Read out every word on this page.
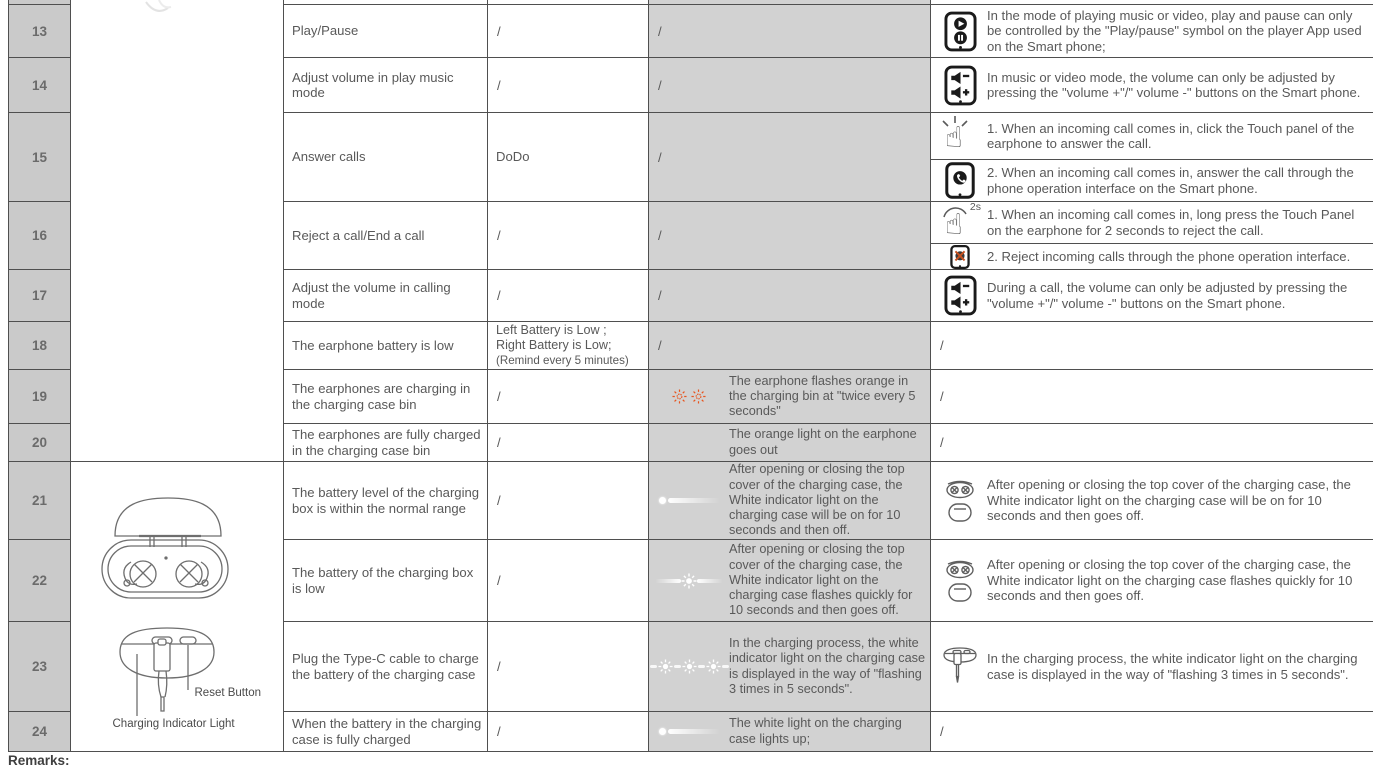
Reset Button
Charging Indicator Light
13
14
15
16
17
18
19
20
21
22
23
24
Play/Pause
Adjust volume in play music mode
Answer calls
Reject a call/End a call
Adjust the volume in calling mode
The earphone battery is low
The earphones are charging in the charging case bin
The earphones are fully charged in the charging case bin
The battery level of the charging box is within the normal range
The battery of the charging box is low
Plug the Type-C cable to charge the battery of the charging case
When the battery in the charging case is fully charged
/
/
DoDo
/
/
Left Battery is Low ;
Right Battery is Low;
(Remind every 5 minutes)
/
/
/
/
/
/
/
/
/
/
/
/
The earphone flashes orange in the charging bin at "twice every 5 seconds"
The orange light on the earphone goes out
After opening or closing the top cover of the charging case, the White indicator light on the charging case will be on for 10 seconds and then off.
After opening or closing the top cover of the charging case, the White indicator light on the charging case flashes quickly for 10 seconds and then goes off.
In the charging process, the white indicator light on the charging case is displayed in the way of "flashing 3 times in 5 seconds".
The white light on the charging case lights up;
In the mode of playing music or video, play and pause can only be controlled by the "Play/pause" symbol on the player App used on the Smart phone;
In music or video mode, the volume can only be adjusted by pressing the "volume +"/" volume -" buttons on the Smart phone.
☝	1. When an incoming call comes in, click the Touch panel of the earphone to answer the call.
2. When an incoming call comes in, answer the call through the phone operation interface on the Smart phone.
☝ 2s
1. When an incoming call comes in, long press the Touch Panel on the earphone for 2 seconds to reject the call.
2. Reject incoming calls through the phone operation interface.
During a call, the volume can only be adjusted by pressing the "volume +"/" volume -" buttons on the Smart phone.
/
/
/
After opening or closing the top cover of the charging case, the White indicator light on the charging case will be on for 10 seconds and then goes off.
After opening or closing the top cover of the charging case, the White indicator light on the charging case flashes quickly for 10 seconds and then goes off.
In the charging process, the white indicator light on the charging case is displayed in the way of "flashing 3 times in 5 seconds".
/
Remarks:
